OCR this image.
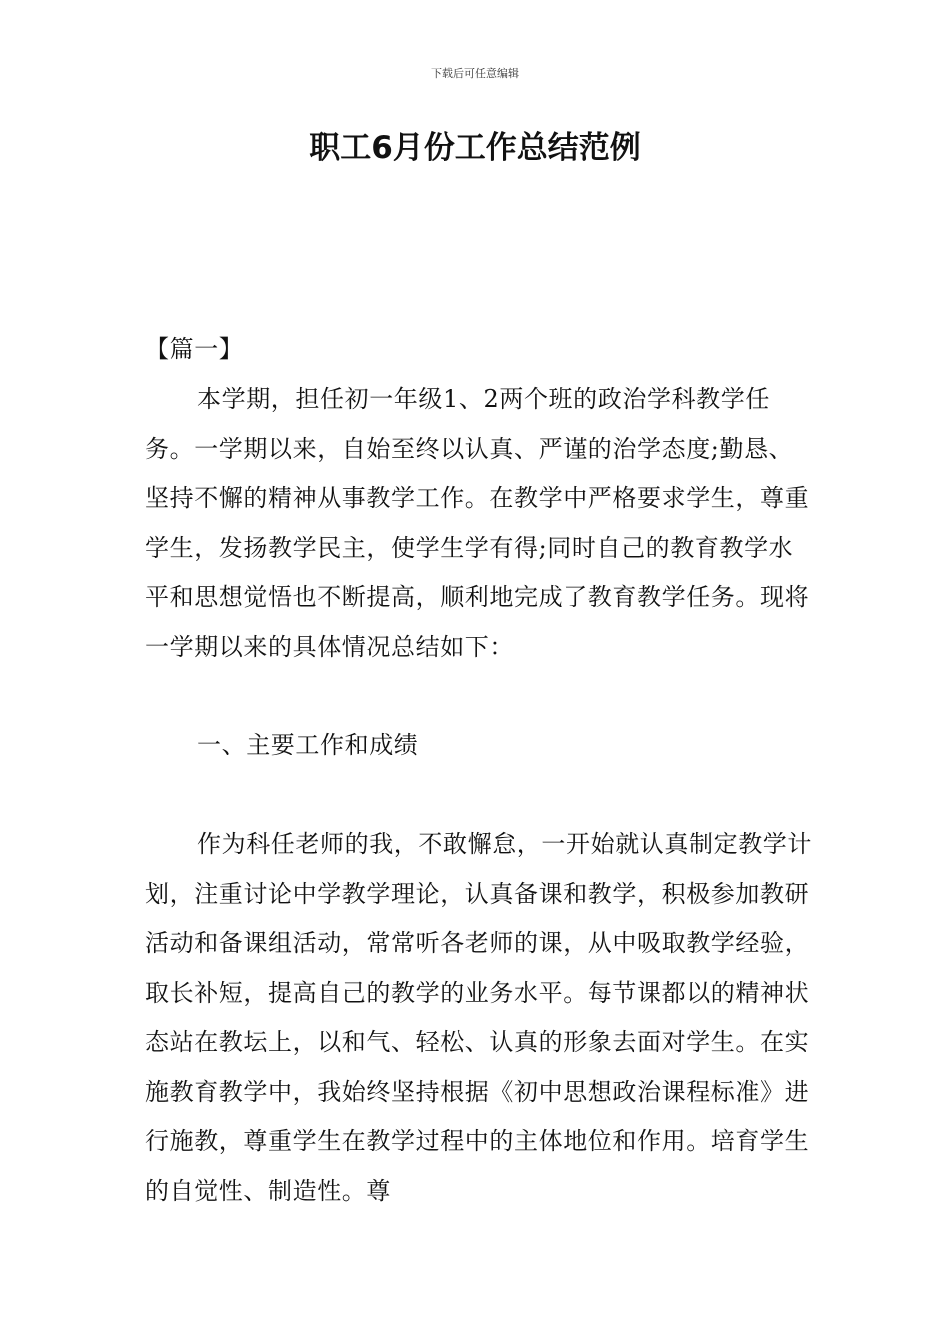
下载后可任意编辑
职工6月份工作总结范例

【篇一】

本学期，担任初一年级1、2两个班的政治学科教学任务。一学期以来，自始至终以认真、严谨的治学态度;勤恳、坚持不懈的精神从事教学工作。在教学中严格要求学生，尊重学生，发扬教学民主，使学生学有得;同时自己的教育教学水平和思想觉悟也不断提高，顺利地完成了教育教学任务。现将一学期以来的具体情况总结如下：

一、主要工作和成绩

作为科任老师的我，不敢懈怠，一开始就认真制定教学计划，注重讨论中学教学理论，认真备课和教学，积极参加教研活动和备课组活动，常常听各老师的课，从中吸取教学经验，取长补短，提高自己的教学的业务水平。每节课都以的精神状态站在教坛上，以和气、轻松、认真的形象去面对学生。在实施教育教学中，我始终坚持根据《初中思想政治课程标准》进行施教，尊重学生在教学过程中的主体地位和作用。培育学生的自觉性、制造性。尊
